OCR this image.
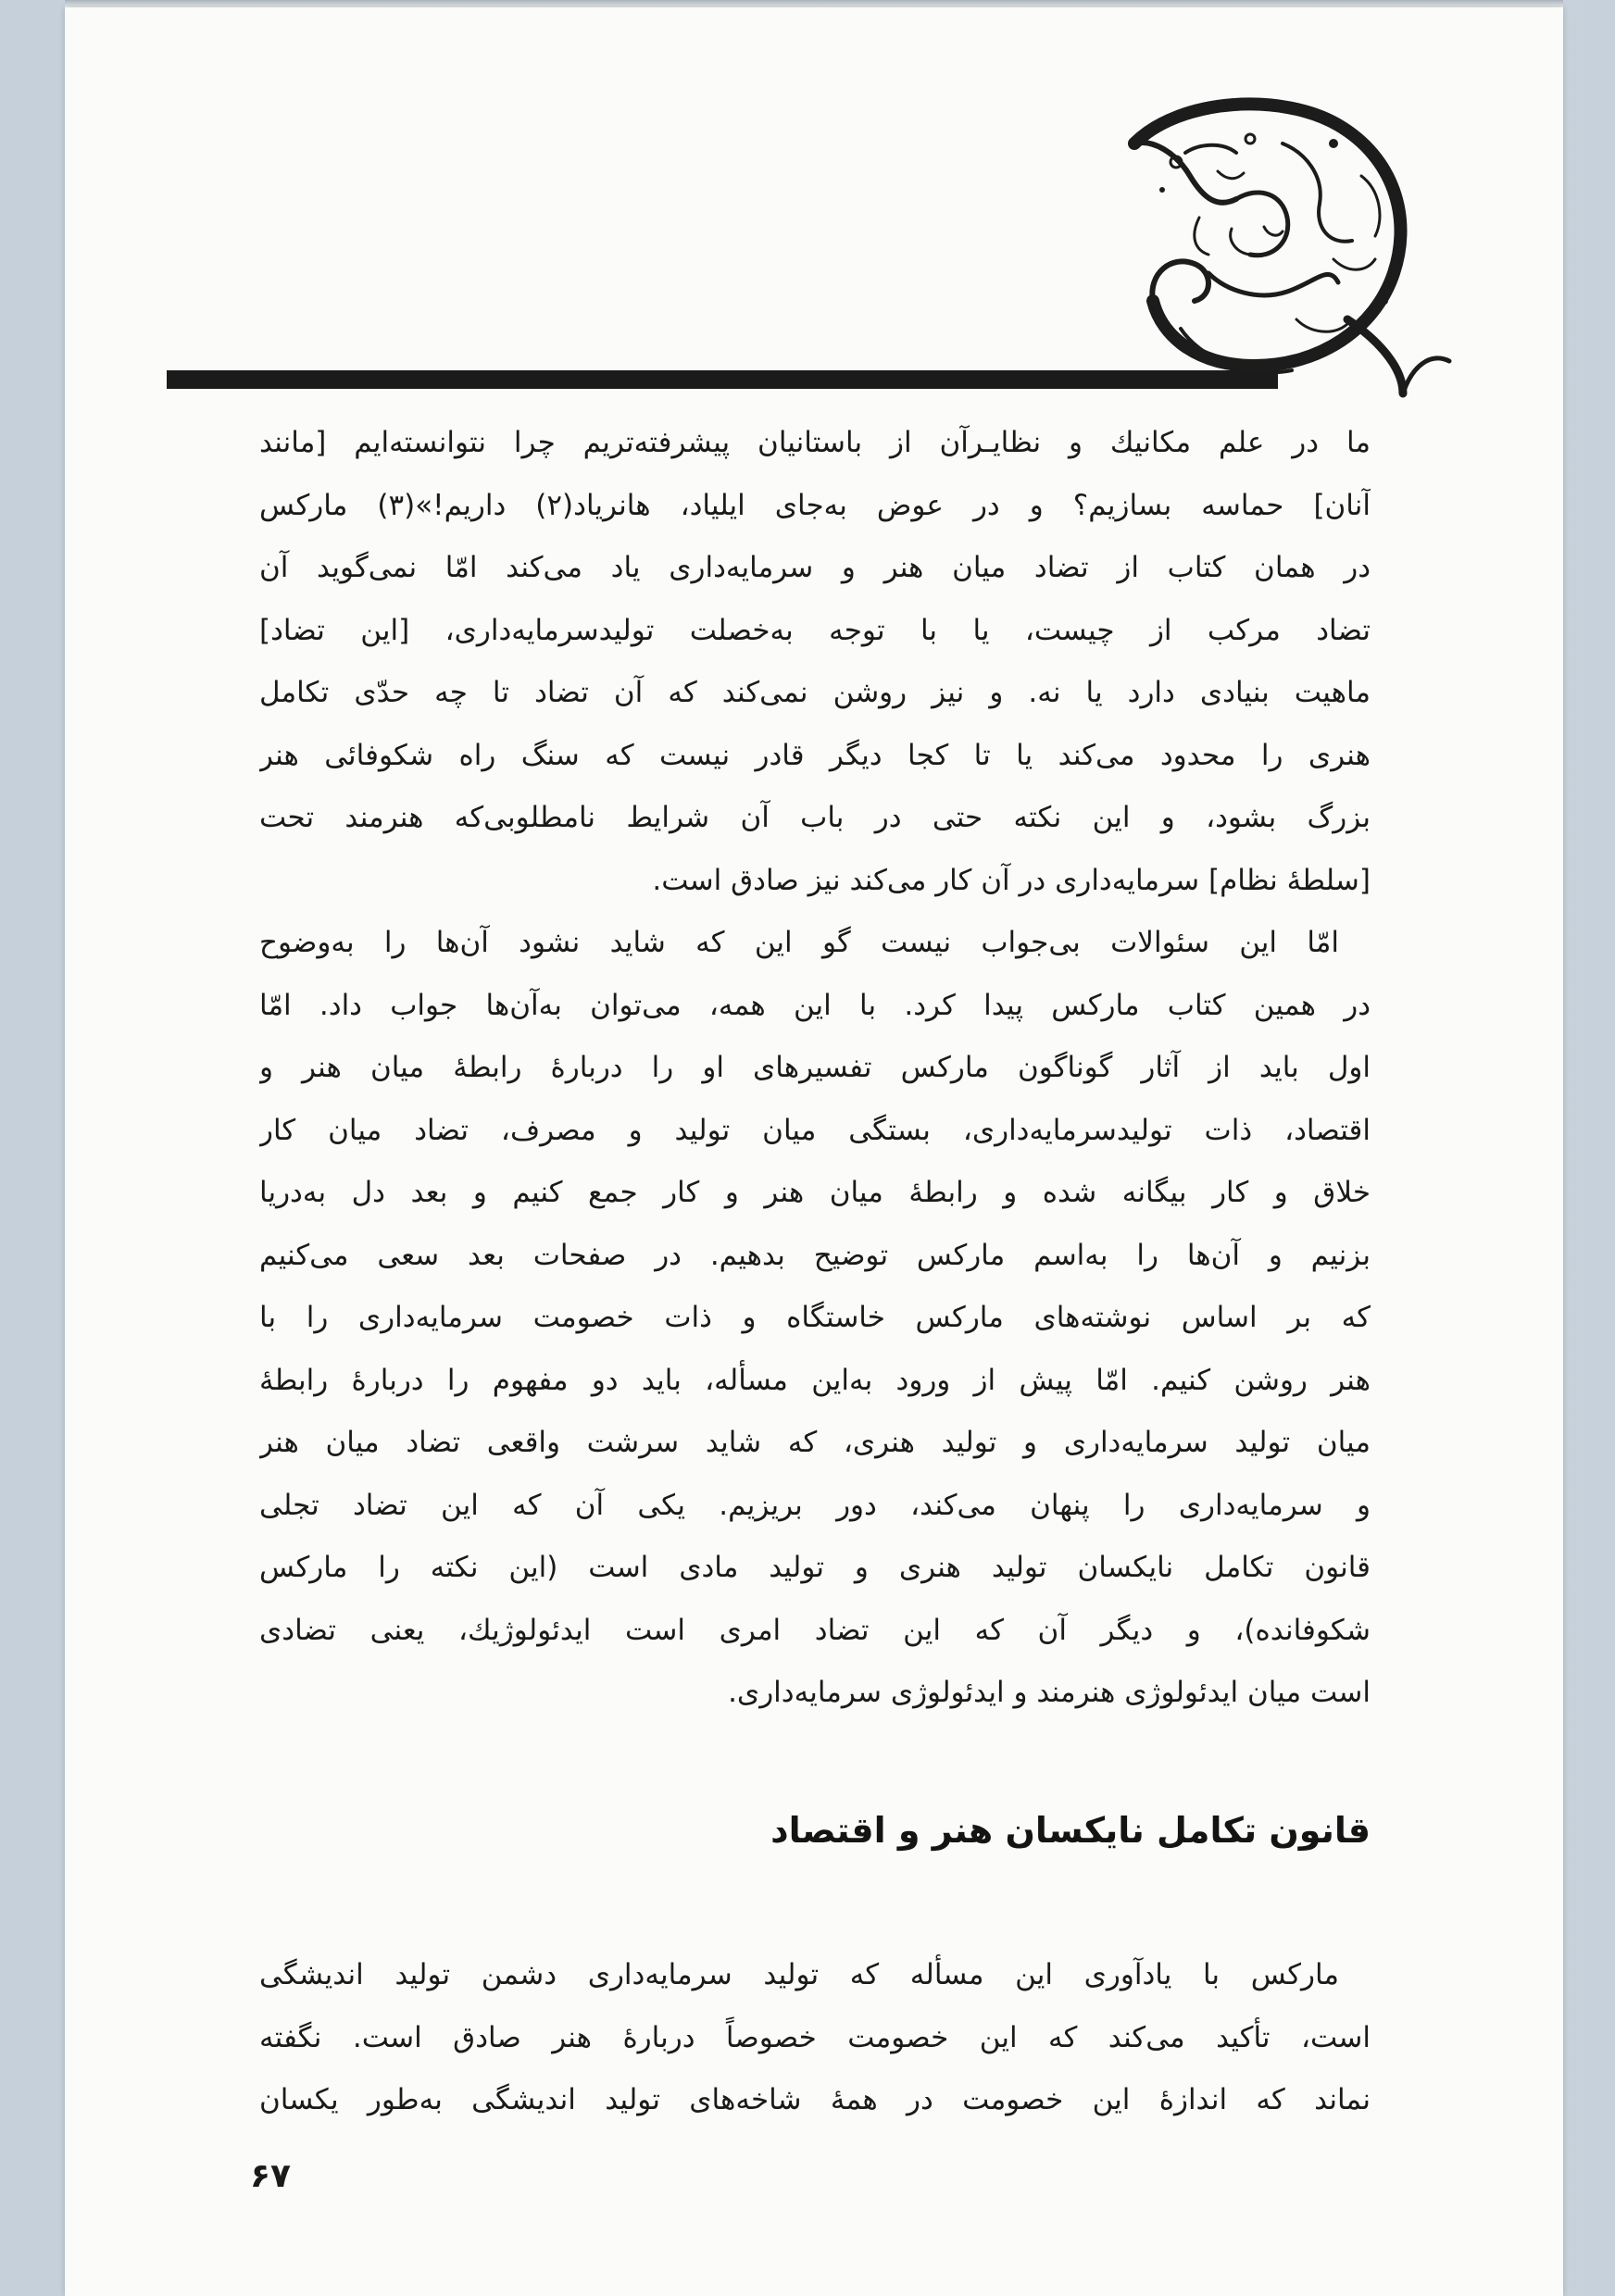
ما در علم مکانیك و نظایـرآن از باستانیان پیشرفته‌تریم چرا نتوانسته‌ایم [مانند
آنان] حماسه بسازیم؟ و در عوض به‌جای ایلیاد، هانریاد(۲) داریم!»(۳) مارکس
در همان کتاب از تضاد میان هنر و سرمایه‌داری یاد می‌کند امّا نمی‌گوید آن
تضاد مرکب از چیست، یا با توجه به‌خصلت تولیدسرمایه‌داری، [این تضاد]
ماهیت بنیادی دارد یا نه. و نیز روشن نمی‌کند که آن تضاد تا چه حدّی تکامل
هنری را محدود می‌کند یا تا کجا دیگر قادر نیست که سنگ راه شکوفائی هنر
بزرگ بشود، و این نکته حتی در باب آن شرایط نامطلوبی‌که هنرمند تحت
[سلطهٔ نظام] سرمایه‌داری در آن کار می‌کند نیز صادق است.
امّا این سئوالات بی‌جواب نیست گو این که شاید نشود آن‌ها را به‌وضوح
در همین کتاب مارکس پیدا کرد. با این همه، می‌توان به‌آن‌ها جواب داد. امّا
اول باید از آثار گوناگون مارکس تفسیرهای او را دربارهٔ رابطهٔ میان هنر و
اقتصاد، ذات تولیدسرمایه‌داری، بستگی میان تولید و مصرف، تضاد میان کار
خلاق و کار بیگانه شده و رابطهٔ میان هنر و کار جمع کنیم و بعد دل به‌دریا
بزنیم و آن‌ها را به‌اسم مارکس توضیح بدهیم. در صفحات بعد سعی می‌کنیم
که بر اساس نوشته‌های مارکس خاستگاه و ذات خصومت سرمایه‌داری را با
هنر روشن کنیم. امّا پیش از ورود به‌این مسأله، باید دو مفهوم را دربارهٔ رابطهٔ
میان تولید سرمایه‌داری و تولید هنری، که شاید سرشت واقعی تضاد میان هنر
و سرمایه‌داری را پنهان می‌کند، دور بریزیم. یکی آن که این تضاد تجلی
قانون تکامل نایکسان تولید هنری و تولید مادی است (این نکته را مارکس
شکوفانده)، و دیگر آن که این تضاد امری است ایدئولوژیك، یعنی تضادی
است میان ایدئولوژی هنرمند و ایدئولوژی سرمایه‌داری.
قانون تکامل نایکسان هنر و اقتصاد
مارکس با یادآوری این مسأله که تولید سرمایه‌داری دشمن تولید اندیشگی
است، تأکید می‌کند که این خصومت خصوصاً دربارهٔ هنر صادق است. نگفته
نماند که اندازهٔ این خصومت در همهٔ شاخه‌های تولید اندیشگی به‌طور یکسان
۶۷
